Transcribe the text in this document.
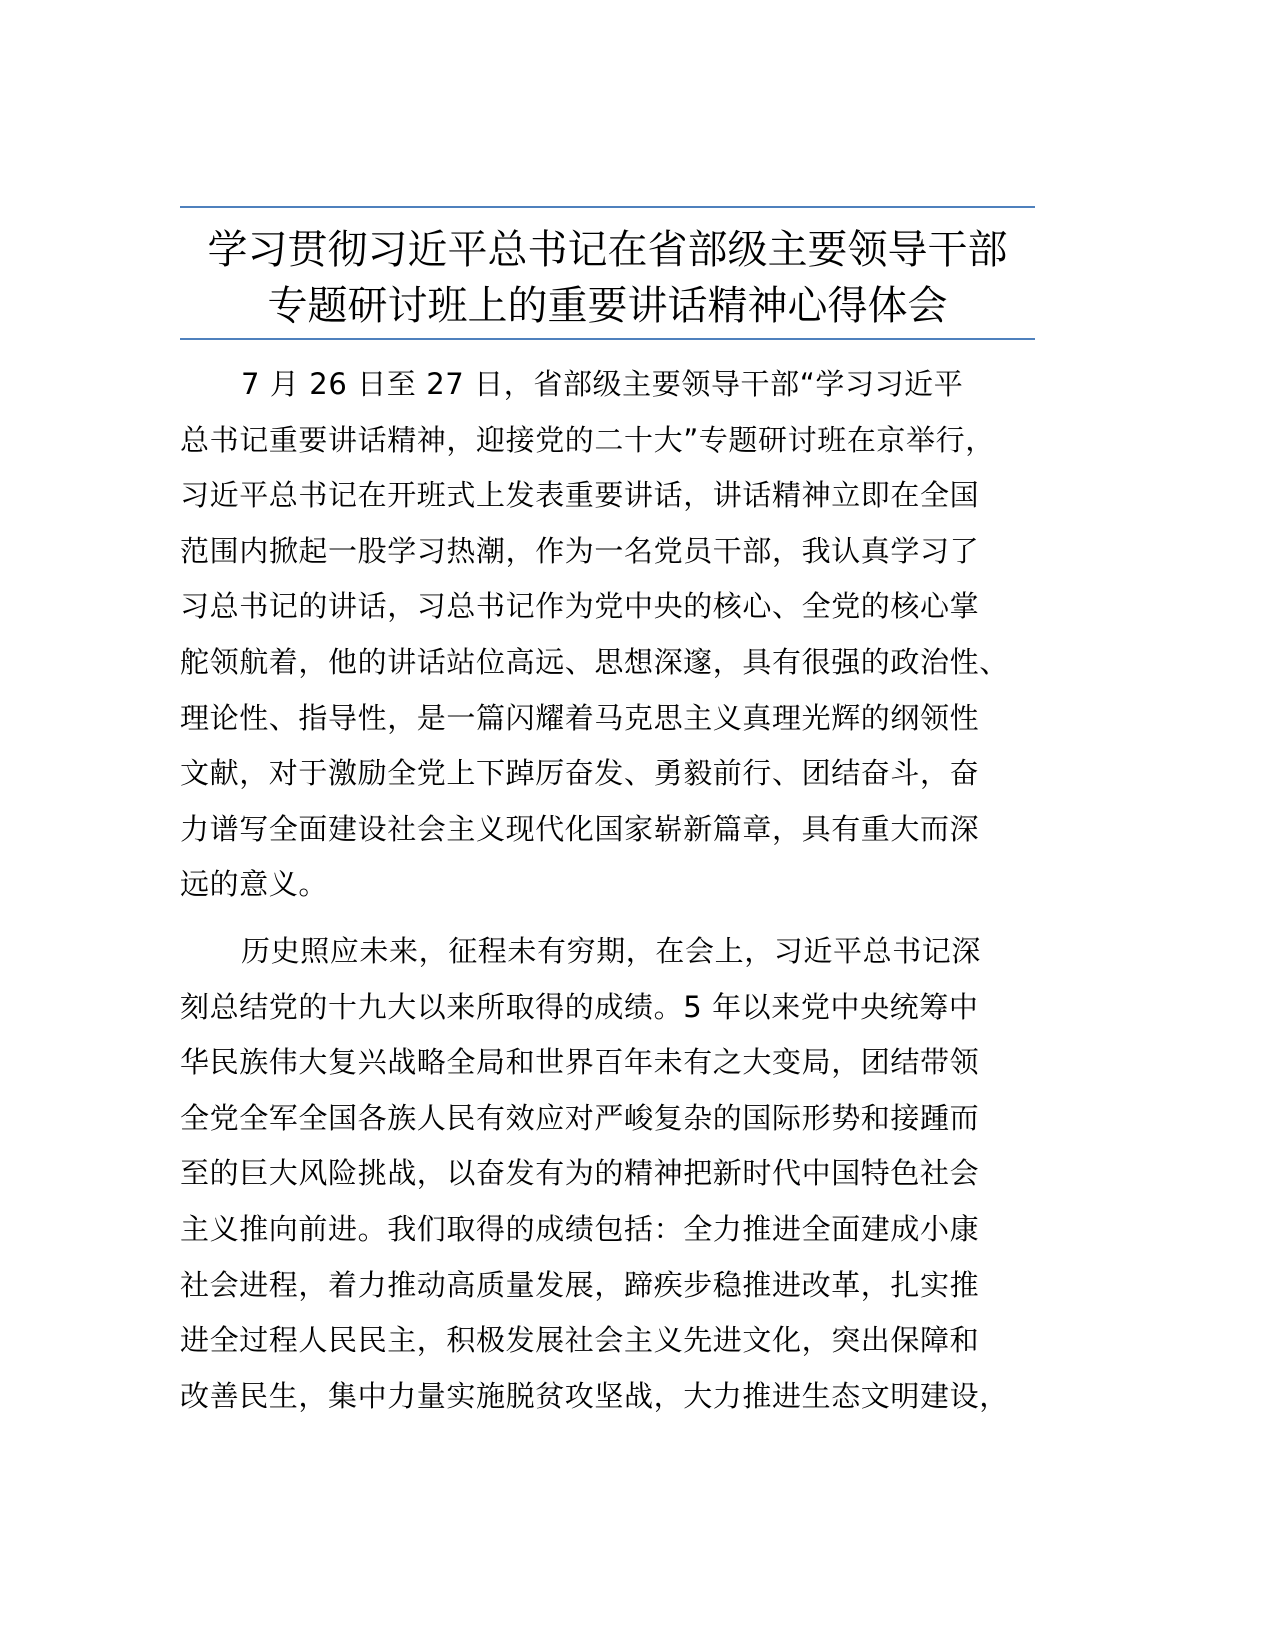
学习贯彻习近平总书记在省部级主要领导干部
专题研讨班上的重要讲话精神心得体会
7 月 26 日至 27 日，省部级主要领导干部“学习习近平
总书记重要讲话精神，迎接党的二十大”专题研讨班在京举行，
习近平总书记在开班式上发表重要讲话，讲话精神立即在全国
范围内掀起一股学习热潮，作为一名党员干部，我认真学习了
习总书记的讲话，习总书记作为党中央的核心、全党的核心掌
舵领航着，他的讲话站位高远、思想深邃，具有很强的政治性、
理论性、指导性，是一篇闪耀着马克思主义真理光辉的纲领性
文献，对于激励全党上下踔厉奋发、勇毅前行、团结奋斗，奋
力谱写全面建设社会主义现代化国家崭新篇章，具有重大而深
远的意义。
历史照应未来，征程未有穷期，在会上，习近平总书记深
刻总结党的十九大以来所取得的成绩。5 年以来党中央统筹中
华民族伟大复兴战略全局和世界百年未有之大变局，团结带领
全党全军全国各族人民有效应对严峻复杂的国际形势和接踵而
至的巨大风险挑战，以奋发有为的精神把新时代中国特色社会
主义推向前进。我们取得的成绩包括：全力推进全面建成小康
社会进程，着力推动高质量发展，蹄疾步稳推进改革，扎实推
进全过程人民民主，积极发展社会主义先进文化，突出保障和
改善民生，集中力量实施脱贫攻坚战，大力推进生态文明建设，
